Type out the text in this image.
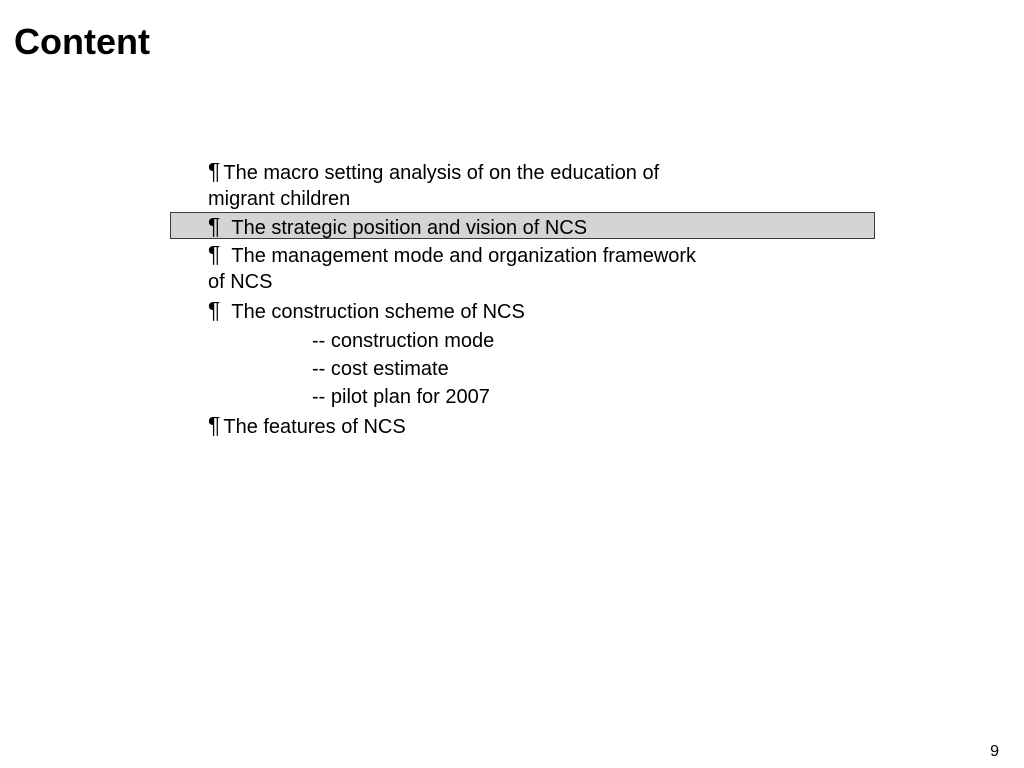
Content
¶ The macro setting analysis of on the education of
migrant children
¶ The strategic position and vision of NCS
¶ The management mode and organization framework
of NCS
¶ The construction scheme of NCS
-- construction mode
-- cost estimate
-- pilot plan for 2007
¶ The features of NCS
9
